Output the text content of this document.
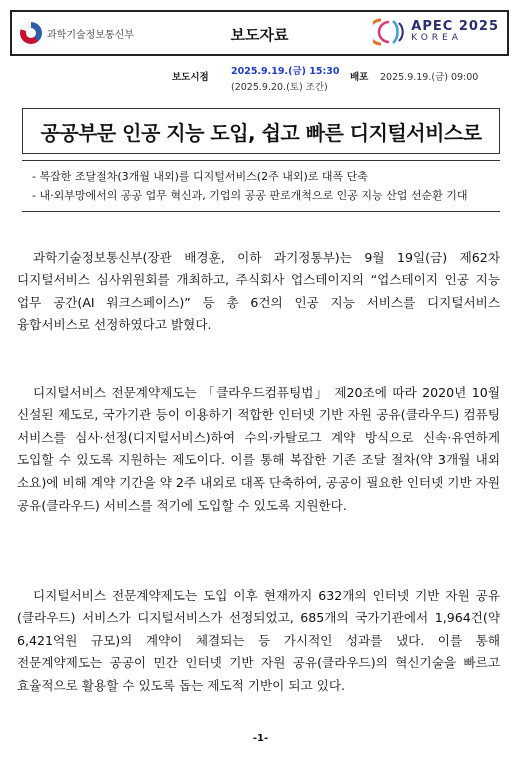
과학기술정보통신부	보도자료	APEC 2025
KOREA
보도시점
2025.9.19.(금) 15:30
(2025.9.20.(토) 조간)
배포 2025.9.19.(금) 09:00
공공부문 인공 지능 도입, 쉽고 빠른 디지털서비스로
- 복잡한 조달절차(3개월 내외)를 디지털서비스(2주 내외)로 대폭 단축
- 내·외부망에서의 공공 업무 혁신과, 기업의 공공 판로개척으로 인공 지능 산업 선순환 기대

과학기술정보통신부(장관 배경훈, 이하 과기정통부)는 9월 19일(금) 제62차 디지털서비스 심사위원회를 개최하고, 주식회사 업스테이지의 “업스테이지 인공 지능 업무 공간(AI 워크스페이스)” 등 총 6건의 인공 지능 서비스를 디지털서비스 융합서비스로 선정하였다고 밝혔다.

디지털서비스 전문계약제도는 「클라우드컴퓨팅법」 제20조에 따라 2020년 10월 신설된 제도로, 국가기관 등이 이용하기 적합한 인터넷 기반 자원 공유(클라우드) 컴퓨팅 서비스를 심사·선정(디지털서비스)하여 수의·카탈로그 계약 방식으로 신속·유연하게 도입할 수 있도록 지원하는 제도이다. 이를 통해 복잡한 기존 조달 절차(약 3개월 내외 소요)에 비해 계약 기간을 약 2주 내외로 대폭 단축하여, 공공이 필요한 인터넷 기반 자원 공유(클라우드) 서비스를 적기에 도입할 수 있도록 지원한다.

디지털서비스 전문계약제도는 도입 이후 현재까지 632개의 인터넷 기반 자원 공유(클라우드) 서비스가 디지털서비스가 선정되었고, 685개의 국가기관에서 1,964건(약 6,421억원 규모)의 계약이 체결되는 등 가시적인 성과를 냈다. 이를 통해 전문계약제도는 공공이 민간 인터넷 기반 자원 공유(클라우드)의 혁신기술을 빠르고 효율적으로 활용할 수 있도록 돕는 제도적 기반이 되고 있다.

-1-
